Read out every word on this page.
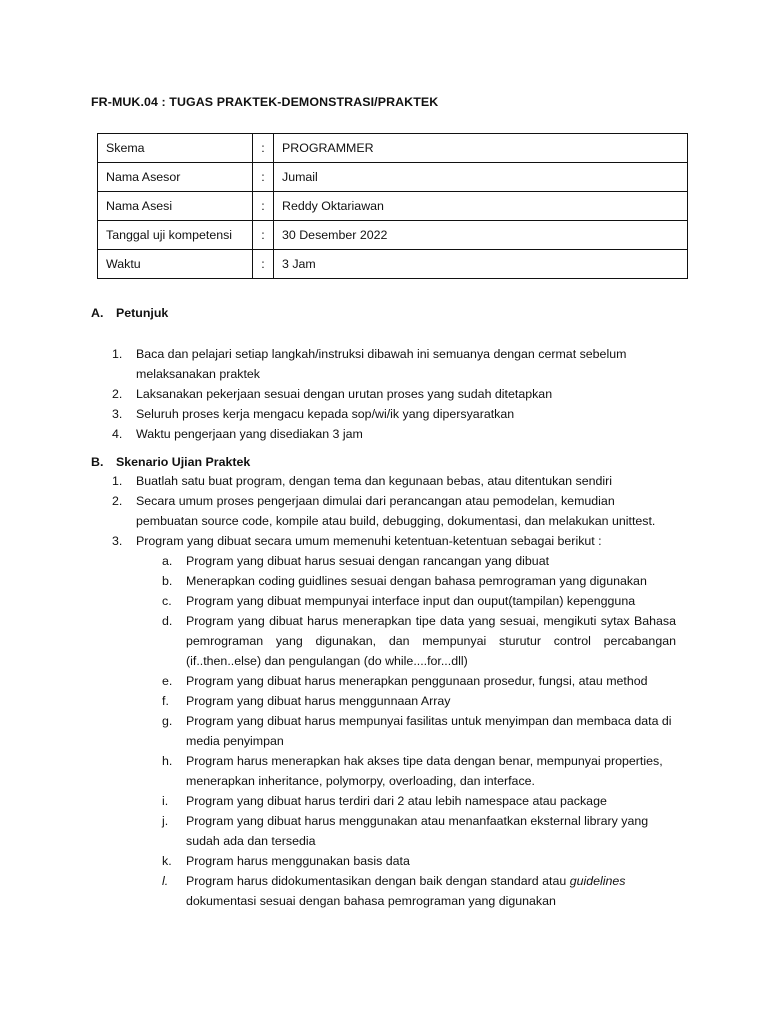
FR-MUK.04 : TUGAS PRAKTEK-DEMONSTRASI/PRAKTEK
Skema	:	PROGRAMMER
Nama Asesor	:	Jumail
Nama Asesi	:	Reddy Oktariawan
Tanggal uji kompetensi	:	30 Desember 2022
Waktu	:	3 Jam
A. Petunjuk
1. Baca dan pelajari setiap langkah/instruksi dibawah ini semuanya dengan cermat sebelum melaksanakan praktek
2. Laksanakan pekerjaan sesuai dengan urutan proses yang sudah ditetapkan
3. Seluruh proses kerja mengacu kepada sop/wi/ik yang dipersyaratkan
4. Waktu pengerjaan yang disediakan 3 jam
B. Skenario Ujian Praktek
1. Buatlah satu buat program, dengan tema dan kegunaan bebas, atau ditentukan sendiri
2. Secara umum proses pengerjaan dimulai dari perancangan atau pemodelan, kemudian pembuatan source code, kompile atau build, debugging, dokumentasi, dan melakukan unittest.
3. Program yang dibuat secara umum memenuhi ketentuan-ketentuan sebagai berikut :
a. Program yang dibuat harus sesuai dengan rancangan yang dibuat
b. Menerapkan coding guidlines sesuai dengan bahasa pemrograman yang digunakan
c. Program yang dibuat mempunyai interface input dan ouput(tampilan) kepengguna
d. Program yang dibuat harus menerapkan tipe data yang sesuai, mengikuti sytax Bahasa pemrograman yang digunakan, dan mempunyai sturutur control percabangan (if..then..else) dan pengulangan (do while....for...dll)
e. Program yang dibuat harus menerapkan penggunaan prosedur, fungsi, atau method
f. Program yang dibuat harus menggunnaan Array
g. Program yang dibuat harus mempunyai fasilitas untuk menyimpan dan membaca data di media penyimpan
h. Program harus menerapkan hak akses tipe data dengan benar, mempunyai properties, menerapkan inheritance, polymorpy, overloading, dan interface.
i. Program yang dibuat harus terdiri dari 2 atau lebih namespace atau package
j. Program yang dibuat harus menggunakan atau menanfaatkan eksternal library yang sudah ada dan tersedia
k. Program harus menggunakan basis data
l. Program harus didokumentasikan dengan baik dengan standard atau guidelines dokumentasi sesuai dengan bahasa pemrograman yang digunakan
